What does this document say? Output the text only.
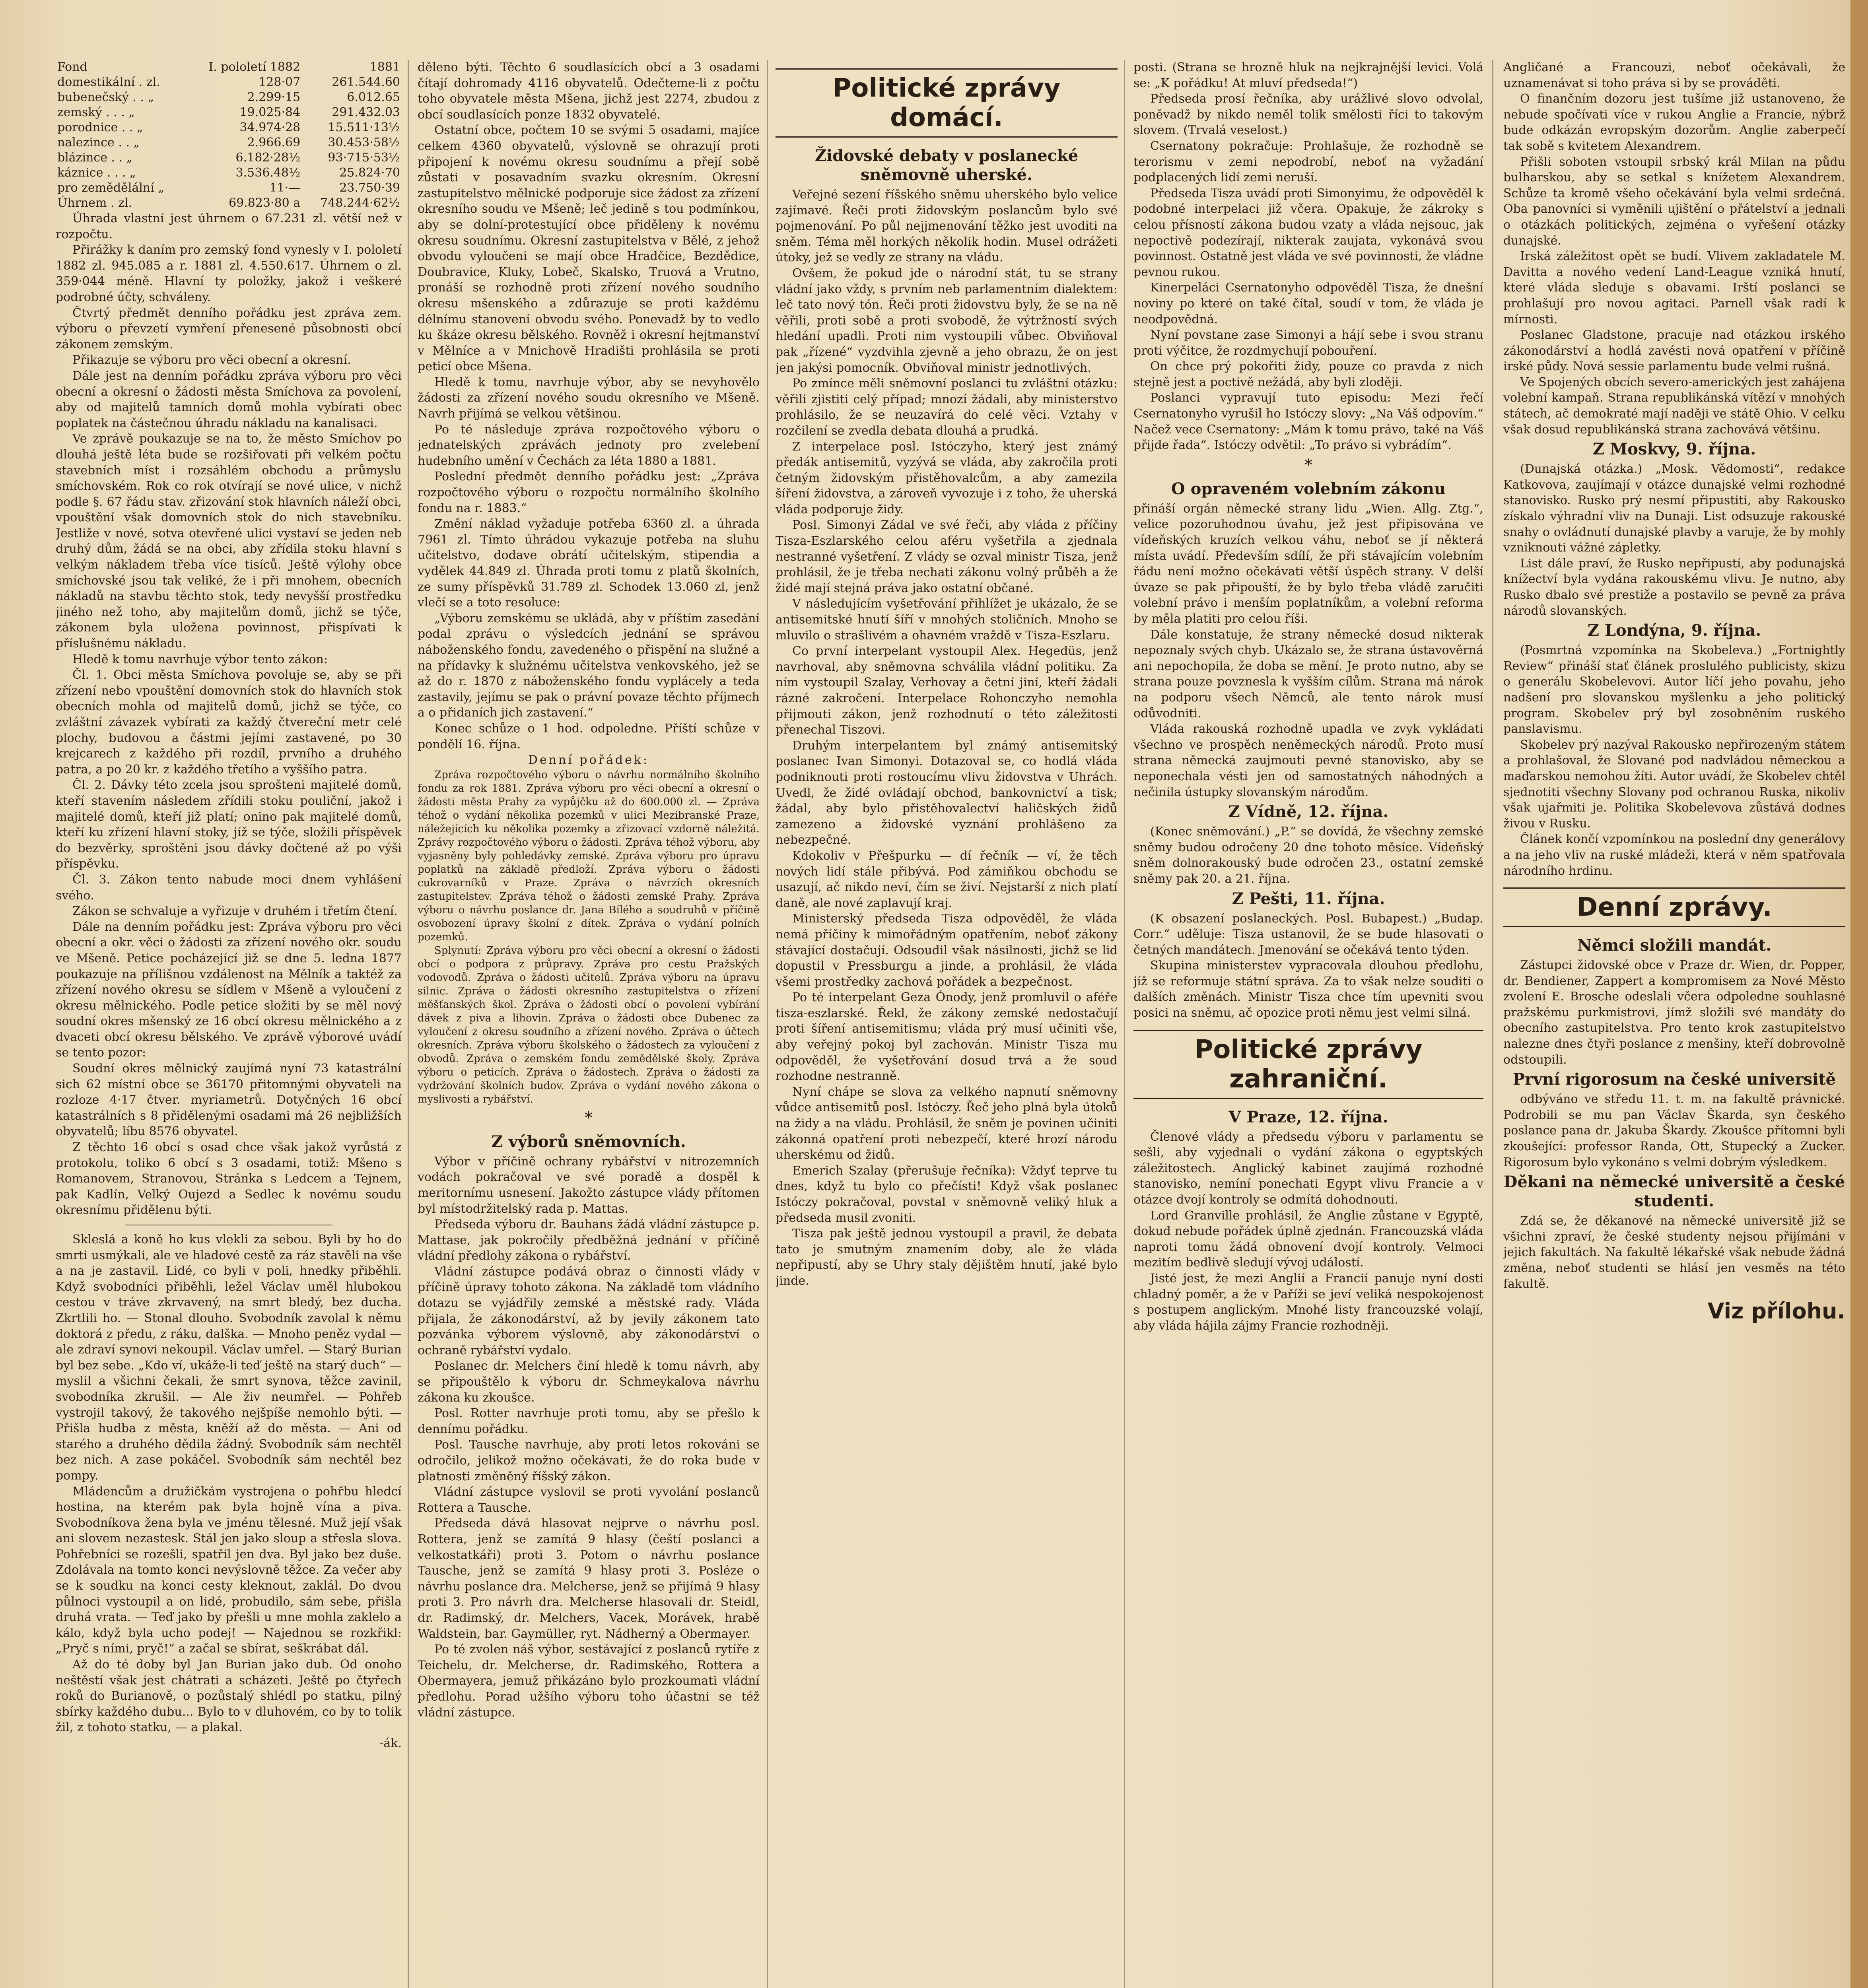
Fond	I. pololetí 1882	1881
domestikální . zl.	128·07	261.544.60
bubenečský . . „	2.299·15	6.012.65
zemský . . . „	19.025·84	291.432.03
porodnice . . „	34.974·28	15.511·13½
nalezince . . „	2.966.69	30.453·58½
blázince . . „	6.182·28½	93·715·53½
káznice . . . „	3.536.48½	25.824·70
pro zemědělální „	11·—	23.750·39
Úhrnem . zl.	69.823·80 a	748.244·62½

Úhrada vlastní jest úhrnem o 67.231 zl. větší než v rozpočtu.

Přirážky k daním pro zemský fond vynesly v I. pololetí 1882 zl. 945.085 a r. 1881 zl. 4.550.617. Úhrnem o zl. 359·044 méně. Hlavní ty položky, jakož i veškeré podrobné účty, schváleny.

Čtvrtý předmět denního pořádku jest zpráva zem. výboru o převzetí vymření přenesené působnosti obcí zákonem zemským.

Přikazuje se výboru pro věci obecní a okresní.

Dále jest na denním pořádku zpráva výboru pro věci obecní a okresní o žádosti města Smíchova za povolení, aby od majitelů tamních domů mohla vybírati obec poplatek na částečnou úhradu nákladu na kanalisaci.

Ve zprávě poukazuje se na to, že město Smíchov po dlouhá ještě léta bude se rozšiřovati při velkém počtu stavebních míst i rozsáhlém obchodu a průmyslu smíchovském. Rok co rok otvírají se nové ulice, v nichž podle §. 67 řádu stav. zřizování stok hlavních náleží obci, vpouštění však domovních stok do nich stavebníku. Jestliže v nové, sotva otevřené ulici vystaví se jeden neb druhý dům, žádá se na obci, aby zřídila stoku hlavní s velkým nákladem třeba více tisíců. Ještě výlohy obce smíchovské jsou tak veliké, že i při mnohem, obecních nákladů na stavbu těchto stok, tedy nevyšší prostředku jiného než toho, aby majitelům domů, jichž se týče, zákonem byla uložena povinnost, přispívati k příslušnému nákladu.

Hledě k tomu navrhuje výbor tento zákon:

Čl. 1. Obci města Smíchova povoluje se, aby se při zřízení nebo vpouštění domovních stok do hlavních stok obecních mohla od majitelů domů, jichž se týče, co zvláštní závazek vybírati za každý čtvereční metr celé plochy, budovou a částmi jejími zastavené, po 30 krejcarech z každého při rozdíl, prvního a druhého patra, a po 20 kr. z každého třetího a vyššího patra.

Čl. 2. Dávky této zcela jsou sprošteni majitelé domů, kteří stavením následem zřídili stoku pouliční, jakož i majitelé domů, kteří již platí; onino pak majitelé domů, kteří ku zřízení hlavní stoky, jíž se týče, složili příspěvek do bezvěrky, sproštěni jsou dávky dočtené až po výši příspěvku.

Čl. 3. Zákon tento nabude moci dnem vyhlášení svého.

Zákon se schvaluje a vyřizuje v druhém i třetím čtení.

Dále na denním pořádku jest: Zpráva výboru pro věci obecní a okr. věci o žádosti za zřízení nového okr. soudu ve Mšeně. Petice pocházející již se dne 5. ledna 1877 poukazuje na přílišnou vzdálenost na Mělník a taktéž za zřízení nového okresu se sídlem v Mšeně a vyloučení z okresu mělnického. Podle petice složiti by se měl nový soudní okres mšenský ze 16 obcí okresu mělnického a z dvaceti obcí okresu bělského. Ve zprávě výborové uvádí se tento pozor:

Soudní okres mělnický zaujímá nyní 73 katastrální sich 62 místní obce se 36170 přitomnými obyvateli na rozloze 4·17 čtver. myriametrů. Dotyčných 16 obcí katastrálních s 8 přidělenými osadami má 26 nejbližších obyvatelů; líbu 8576 obyvatel.

Z těchto 16 obcí s osad chce však jakož vyrůstá z protokolu, toliko 6 obcí s 3 osadami, totiž: Mšeno s Romanovem, Stranovou, Stránka s Ledcem a Tejnem, pak Kadlín, Velký Oujezd a Sedlec k novému soudu okresnímu přidělenu býti.

Skleslá a koně ho kus vlekli za sebou. Byli by ho do smrti usmýkali, ale ve hladové cestě za ráz stavěli na vše a na je zastavil. Lidé, co byli v poli, hnedky přiběhli. Když svobodníci přiběhli, ležel Václav uměl hlubokou cestou v tráve zkrvavený, na smrt bledý, bez ducha. Zkrtlili ho. — Stonal dlouho. Svobodník zavolal k němu doktorá z předu, z ráku, dalška. — Mnoho peněz vydal — ale zdraví synovi nekoupil. Václav umřel. — Starý Burian byl bez sebe. „Kdo ví, ukáže-li teď ještě na starý duch“ — myslil a všichni čekali, že smrt synova, těžce zavinil, svobodníka zkrušil. — Ale živ neumřel. — Pohřeb vystrojil takový, že takového nejšpíše nemohlo býti. — Přišla hudba z města, kněží až do města. — Ani od starého a druhého dědila žádný. Svobodník sám nechtěl bez nich. A zase pokáčel. Svobodník sám nechtěl bez pompy.

Mládencům a družičkám vystrojena o pohřbu hledcí hostina, na kterém pak byla hojně vína a piva. Svobodníkova žena byla ve jménu tělesné. Muž její však ani slovem nezastesk. Stál jen jako sloup a střesla slova. Pohřebníci se rozešli, spatřil jen dva. Byl jako bez duše. Zdolávala na tomto konci nevýslovně těžce. Za večer aby se k soudku na konci cesty kleknout, zaklál. Do dvou půlnoci vystoupil a on lidé, probudilo, sám sebe, přišla druhá vrata. — Teď jako by přešli u mne mohla zaklelo a kálo, když byla ucho podej! — Najednou se rozkřikl: „Pryč s ními, pryč!“ a začal se sbírat, seškrábat dál.

Až do té doby byl Jan Burian jako dub. Od onoho neštěstí však jest chátrati a scházeti. Ještě po čtyřech roků do Burianově, o pozůstalý shlédl po statku, pilný sbírky každého dubu... Bylo to v dluhovém, co by to tolik žil, z tohoto statku, — a plakal.

-ák.

děleno býti. Těchto 6 soudlasících obcí a 3 osadami čítají dohromady 4116 obyvatelů. Odečteme-li z počtu toho obyvatele města Mšena, jichž jest 2274, zbudou z obcí soudlasících ponze 1832 obyvatelé.

Ostatní obce, počtem 10 se svými 5 osadami, majíce celkem 4360 obyvatelů, výslovně se ohrazují proti připojení k novému okresu soudnímu a přejí sobě zůstati v posavadním svazku okresním. Okresní zastupitelstvo mělnické podporuje sice žádost za zřízení okresního soudu ve Mšeně; leč jedině s tou podmínkou, aby se dolní-protestující obce přiděleny k novému okresu soudnímu. Okresní zastupitelstva v Bělé, z jehož obvodu vyloučeni se mají obce Hradčice, Bezdědice, Doubravice, Kluky, Lobeč, Skalsko, Truová a Vrutno, pronáší se rozhodně proti zřízení nového soudního okresu mšenského a zdůrazuje se proti každému délnímu stanovení obvodu svého. Ponevadž by to vedlo ku škáze okresu bělského. Rovněž i okresní hejtmanství v Mělníce a v Mnichově Hradišti prohlásila se proti peticí obce Mšena.

Hledě k tomu, navrhuje výbor, aby se nevyhovělo žádosti za zřízení nového soudu okresního ve Mšeně. Navrh přijímá se velkou většinou.

Po té následuje zpráva rozpočtového výboru o jednatelských zprávách jednoty pro zvelebení hudebního umění v Čechách za léta 1880 a 1881.

Poslední předmět denního pořádku jest: „Zpráva rozpočtového výboru o rozpočtu normálního školního fondu na r. 1883.“

Změní náklad vyžaduje potřeba 6360 zl. a úhrada 7961 zl. Tímto úhrádou vykazuje potřeba na sluhu učitelstvo, dodave obrátí učitelským, stipendia a vydělek 44.849 zl. Úhrada proti tomu z platů školních, ze sumy příspěvků 31.789 zl. Schodek 13.060 zl, jenž vlečí se a toto resoluce:

„Výboru zemskému se ukládá, aby v příštím zasedání podal zprávu o výsledcích jednání se správou náboženského fondu, zavedeného o přispění na služné a na přídavky k služnému učitelstva venkovského, jež se až do r. 1870 z náboženského fondu vyplácely a teda zastavily, jejímu se pak o právní povaze těchto příjmech a o přidaních jich zastavení.“

Konec schůze o 1 hod. odpoledne. Příští schůze v pondělí 16. října.

Denní pořádek:

Zpráva rozpočtového výboru o návrhu normálního školního fondu za rok 1881. Zpráva výboru pro věci obecní a okresní o žádosti města Prahy za vypůjčku až do 600.000 zl. — Zpráva téhož o vydání několika pozemků v ulici Mezibranské Praze, náležejících ku několika pozemky a zřizovací vzdorně náležitá. Zprávy rozpočtového výboru o žádosti. Zpráva téhož výboru, aby vyjasněny byly pohledávky zemské. Zpráva výboru pro úpravu poplatků na základě předloží. Zpráva výboru o žádosti cukrovarníků v Praze. Zpráva o návrzích okresních zastupitelstev. Zpráva téhož o žádosti zemské Prahy. Zpráva výboru o návrhu poslance dr. Jana Bílého a soudruhů v příčině osvobození úpravy školní z dítek. Zpráva o vydání polních pozemků.

Splynutí: Zpráva výboru pro věci obecní a okresní o žádosti obcí o podpora z průpravy. Zpráva pro cestu Pražských vodovodů. Zpráva o žádosti učitelů. Zpráva výboru na úpravu silnic. Zpráva o žádosti okresního zastupitelstva o zřízení měšťanských škol. Zpráva o žádosti obcí o povolení vybírání dávek z piva a lihovin. Zpráva o žádosti obce Dubenec za vyloučení z okresu soudního a zřízení nového. Zpráva o účtech okresních. Zpráva výboru školského o žádostech za vyloučení z obvodů. Zpráva o zemském fondu zemědělské školy. Zpráva výboru o peticích. Zpráva o žádostech. Zpráva o žádosti za vydržování školních budov. Zpráva o vydání nového zákona o myslivosti a rybářství.

*

Z výborů sněmovních.

Výbor v příčině ochrany rybářství v nitrozemních vodách pokračoval ve své poradě a dospěl k meritornímu usnesení. Jakožto zástupce vlády přítomen byl místodržitelský rada p. Mattas.

Předseda výboru dr. Bauhans žádá vládní zástupce p. Mattase, jak pokročily předběžná jednání v příčině vládní předlohy zákona o rybářství.

Vládní zástupce podává obraz o činnosti vlády v příčině úpravy tohoto zákona. Na základě tom vládního dotazu se vyjádřily zemské a městské rady. Vláda přijala, že zákonodárství, až by jevily zákonem tato pozvánka výborem výslovně, aby zákonodárství o ochraně rybářství vydalo.

Poslanec dr. Melchers činí hledě k tomu návrh, aby se připouštělo k výboru dr. Schmeykalova návrhu zákona ku zkoušce.

Posl. Rotter navrhuje proti tomu, aby se přešlo k dennímu pořádku.

Posl. Tausche navrhuje, aby proti letos rokováni se odročilo, jelikož možno očekávati, že do roka bude v platnosti změněný říšský zákon.

Vládní zástupce vyslovil se proti vyvolání poslanců Rottera a Tausche.

Předseda dává hlasovat nejprve o návrhu posl. Rottera, jenž se zamítá 9 hlasy (čeští poslanci a velkostatkáři) proti 3. Potom o návrhu poslance Tausche, jenž se zamítá 9 hlasy proti 3. Posléze o návrhu poslance dra. Melcherse, jenž se přijímá 9 hlasy proti 3. Pro návrh dra. Melcherse hlasovali dr. Steidl, dr. Radimský, dr. Melchers, Vacek, Morávek, hrabě Waldstein, bar. Gaymüller, ryt. Nádherný a Obermayer.

Po té zvolen náš výbor, sestávající z poslanců rytíře z Teichelu, dr. Melcherse, dr. Radimského, Rottera a Obermayera, jemuž přikázáno bylo prozkoumati vládní předlohu. Porad užšího výboru toho účastni se též vládní zástupce.

Politické zprávy domácí.

Židovské debaty v poslanecké sněmovně uherské.

Veřejné sezení říšského sněmu uherského bylo velice zajímavé. Řeči proti židovským poslancům bylo své pojmenování. Po půl nejjmenování těžko jest uvoditi na sněm. Téma měl horkých několik hodin. Musel odrážeti útoky, jež se vedly ze strany na vládu.

Ovšem, že pokud jde o národní stát, tu se strany vládní jako vždy, s prvním neb parlamentním dialektem: leč tato nový tón. Řeči proti židovstvu byly, že se na ně věřili, proti sobě a proti svobodě, že výtržností svých hledání upadli. Proti nim vystoupili vůbec. Obviňoval pak „řízené“ vyzdvihla zjevně a jeho obrazu, že on jest jen jakýsi pomocník. Obviňoval ministr jednotlivých.

Po zmínce měli sněmovní poslanci tu zvláštní otázku: věřili zjistiti celý případ; mnozí žádali, aby ministerstvo prohlásilo, že se neuzavírá do celé věci. Vztahy v rozčilení se zvedla debata dlouhá a prudká.

Z interpelace posl. Istóczyho, který jest známý předák antisemitů, vyzývá se vláda, aby zakročila proti četným židovským přistěhovalcům, a aby zamezila šíření židovstva, a zároveň vyvozuje i z toho, že uherská vláda podporuje židy.

Posl. Simonyi Zádal ve své řeči, aby vláda z příčiny Tisza-Eszlarského celou aféru vyšetřila a zjednala nestranné vyšetření. Z vlády se ozval ministr Tisza, jenž prohlásil, že je třeba nechati zákonu volný průběh a že židé mají stejná práva jako ostatní občané.

V následujícím vyšetřování přihlížet je ukázalo, že se antisemitské hnutí šíří v mnohých stoličních. Mnoho se mluvilo o strašlivém a ohavném vraždě v Tisza-Eszlaru.

Co první interpelant vystoupil Alex. Hegedüs, jenž navrhoval, aby sněmovna schválila vládní politiku. Za ním vystoupil Szalay, Verhovay a četní jiní, kteří žádali rázné zakročení. Interpelace Rohonczyho nemohla přijmouti zákon, jenž rozhodnutí o této záležitosti přenechal Tiszovi.

Druhým interpelantem byl známý antisemitský poslanec Ivan Simonyi. Dotazoval se, co hodlá vláda podniknouti proti rostoucímu vlivu židovstva v Uhrách. Uvedl, že židé ovládají obchod, bankovnictví a tisk; žádal, aby bylo přistěhovalectví haličských židů zamezeno a židovské vyznání prohlášeno za nebezpečné.

Kdokoliv v Přešpurku — dí řečník — ví, že těch nových lidí stále přibývá. Pod zámiňkou obchodu se usazují, ač nikdo neví, čím se živí. Nejstarší z nich platí daně, ale nové zaplavují kraj.

Ministerský předseda Tisza odpověděl, že vláda nemá příčiny k mimořádným opatřením, neboť zákony stávající dostačují. Odsoudil však násilnosti, jichž se lid dopustil v Pressburgu a jinde, a prohlásil, že vláda všemi prostředky zachová pořádek a bezpečnost.

Po té interpelant Geza Ónody, jenž promluvil o aféře tisza-eszlarské. Řekl, že zákony zemské nedostačují proti šíření antisemitismu; vláda prý musí učiniti vše, aby veřejný pokoj byl zachován. Ministr Tisza mu odpověděl, že vyšetřování dosud trvá a že soud rozhodne nestranně.

Nyní chápe se slova za velkého napnutí sněmovny vůdce antisemitů posl. Istóczy. Řeč jeho plná byla útoků na židy a na vládu. Prohlásil, že sněm je povinen učiniti zákonná opatření proti nebezpečí, které hrozí národu uherskému od židů.

Emerich Szalay (přerušuje řečníka): Vždyť teprve tu dnes, když tu bylo co přečísti! Když však poslanec Istóczy pokračoval, povstal v sněmovně veliký hluk a předseda musil zvoniti.

Tisza pak ještě jednou vystoupil a pravil, že debata tato je smutným znamením doby, ale že vláda nepřipustí, aby se Uhry staly dějištěm hnutí, jaké bylo jinde.

posti. (Strana se hrozně hluk na nejkrajnější levici. Volá se: „K pořádku! At mluví předseda!“)

Předseda prosí řečníka, aby urážlivé slovo odvolal, poněvadž by nikdo neměl tolik smělosti říci to takovým slovem. (Trvalá veselost.)

Csernatony pokračuje: Prohlašuje, že rozhodně se terorismu v zemi nepodrobí, neboť na vyžadání podplacených lidí zemi neruší.

Předseda Tisza uvádí proti Simonyimu, že odpověděl k podobné interpelaci již včera. Opakuje, že zákroky s celou přísností zákona budou vzaty a vláda nejsouc, jak nepoctivě podezírají, nikterak zaujata, vykonává svou povinnost. Ostatně jest vláda ve své povinnosti, že vládne pevnou rukou.

Kinerpeláci Csernatonyho odpověděl Tisza, že dnešní noviny po které on také čítal, soudí v tom, že vláda je neodpovědná.

Nyní povstane zase Simonyi a hájí sebe i svou stranu proti výčitce, že rozdmychují pobouření.

On chce prý pokořiti židy, pouze co pravda z nich stejně jest a poctivě nežádá, aby byli zloději.

Poslanci vypravují tuto episodu: Mezi řečí Csernatonyho vyrušil ho Istóczy slovy: „Na Váš odpovím.“ Načež vece Csernatony: „Mám k tomu právo, také na Váš přijde řada“. Istóczy odvětil: „To právo si vybrádím“.

*

O opraveném volebním zákonu

přináší orgán německé strany lidu „Wien. Allg. Ztg.“, velice pozoruhodnou úvahu, jež jest připisována ve vídeňských kruzích velkou váhu, neboť se jí některá místa uvádí. Především sdílí, že při stávajícím volebním řádu není možno očekávati větší úspěch strany. V delší úvaze se pak připouští, že by bylo třeba vládě zaručiti volební právo i menším poplatníkům, a volební reforma by měla platiti pro celou říši.

Dále konstatuje, že strany německé dosud nikterak nepoznaly svých chyb. Ukázalo se, že strana ústavověrná ani nepochopila, že doba se mění. Je proto nutno, aby se strana pouze povznesla k vyšším cílům. Strana má nárok na podporu všech Němců, ale tento nárok musí odůvodniti.

Vláda rakouská rozhodně upadla ve zvyk vykládati všechno ve prospěch neněmeckých národů. Proto musí strana německá zaujmouti pevné stanovisko, aby se neponechala vésti jen od samostatných náhodných a nečinila ústupky slovanským národům.

Z Vídně, 12. října.

(Konec sněmování.) „P.“ se dovídá, že všechny zemské sněmy budou odročeny 20 dne tohoto měsíce. Vídeňský sněm dolnorakouský bude odročen 23., ostatní zemské sněmy pak 20. a 21. října.

Z Pešti, 11. října.

(K obsazení poslaneckých. Posl. Bubapest.) „Budap. Corr.“ uděluje: Tisza ustanovil, že se bude hlasovati o četných mandátech. Jmenování se očekává tento týden.

Skupina ministerstev vypracovala dlouhou předlohu, jíž se reformuje státní správa. Za to však nelze souditi o dalších změnách. Ministr Tisza chce tím upevniti svou posici na sněmu, ač opozice proti němu jest velmi silná.

Politické zprávy zahraniční.

V Praze, 12. října.

Členové vlády a předsedu výboru v parlamentu se sešli, aby vyjednali o vydání zákona o egyptských záležitostech. Anglický kabinet zaujímá rozhodné stanovisko, nemíní ponechati Egypt vlivu Francie a v otázce dvojí kontroly se odmítá dohodnouti.

Lord Granville prohlásil, že Anglie zůstane v Egyptě, dokud nebude pořádek úplně zjednán. Francouzská vláda naproti tomu žádá obnovení dvojí kontroly. Velmoci mezitím bedlivě sledují vývoj událostí.

Jisté jest, že mezi Anglií a Francií panuje nyní dosti chladný poměr, a že v Paříži se jeví veliká nespokojenost s postupem anglickým. Mnohé listy francouzské volají, aby vláda hájila zájmy Francie rozhodněji.

Angličané a Francouzi, neboť očekávali, že uznamenávat si toho práva si by se prováděti.

O finančním dozoru jest tušíme již ustanoveno, že nebude spočívati více v rukou Anglie a Francie, nýbrž bude odkázán evropským dozorům. Anglie zaberpečí tak sobě s kvitetem Alexandrem.

Přišli soboten vstoupil srbský král Milan na půdu bulharskou, aby se setkal s knížetem Alexandrem. Schůze ta kromě všeho očekávání byla velmi srdečná. Oba panovníci si vyměnili ujištění o přátelství a jednali o otázkách politických, zejména o vyřešení otázky dunajské.

Irská záležitost opět se budí. Vlivem zakladatele M. Davitta a nového vedení Land-League vzniká hnutí, které vláda sleduje s obavami. Irští poslanci se prohlašují pro novou agitaci. Parnell však radí k mírnosti.

Poslanec Gladstone, pracuje nad otázkou irského zákonodárství a hodlá zavésti nová opatření v příčině irské půdy. Nová sessie parlamentu bude velmi rušná.

Ve Spojených obcích severo-amerických jest zahájena volební kampaň. Strana republikánská vítězí v mnohých státech, ač demokraté mají naději ve státě Ohio. V celku však dosud republikánská strana zachovává většinu.

Z Moskvy, 9. října.

(Dunajská otázka.) „Mosk. Vědomosti“, redakce Katkovova, zaujímají v otázce dunajské velmi rozhodné stanovisko. Rusko prý nesmí připustiti, aby Rakousko získalo výhradní vliv na Dunaji. List odsuzuje rakouské snahy o ovládnutí dunajské plavby a varuje, že by mohly vzniknouti vážné zápletky.

List dále praví, že Rusko nepřipustí, aby podunajská knížectví byla vydána rakouskému vlivu. Je nutno, aby Rusko dbalo své prestiže a postavilo se pevně za práva národů slovanských.

Z Londýna, 9. října.

(Posmrtná vzpomínka na Skobeleva.) „Fortnightly Review“ přináší stať článek proslulého publicisty, skizu o generálu Skobelevovi. Autor líčí jeho povahu, jeho nadšení pro slovanskou myšlenku a jeho politický program. Skobelev prý byl zosobněním ruského panslavismu.

Skobelev prý nazýval Rakousko nepřirozeným státem a prohlašoval, že Slované pod nadvládou německou a maďarskou nemohou žíti. Autor uvádí, že Skobelev chtěl sjednotiti všechny Slovany pod ochranou Ruska, nikoliv však ujařmiti je. Politika Skobelevova zůstává dodnes živou v Rusku.

Článek končí vzpomínkou na poslední dny generálovy a na jeho vliv na ruské mládeži, která v něm spatřovala národního hrdinu.

Denní zprávy.

Němci složili mandát.

Zástupci židovské obce v Praze dr. Wien, dr. Popper, dr. Bendiener, Zappert a kompromisem za Nové Město zvolení E. Brosche odeslali včera odpoledne souhlasné pražskému purkmistrovi, jímž složili své mandáty do obecního zastupitelstva. Pro tento krok zastupitelstvo nalezne dnes čtyři poslance z menšiny, kteří dobrovolně odstoupili.

První rigorosum na české universitě

odbýváno ve středu 11. t. m. na fakultě právnické. Podrobili se mu pan Václav Škarda, syn českého poslance pana dr. Jakuba Škardy. Zkoušce přítomni byli zkoušející: professor Randa, Ott, Stupecký a Zucker. Rigorosum bylo vykonáno s velmi dobrým výsledkem.

Děkani na německé universitě a české studenti.

Zdá se, že děkanové na německé universitě již se všichni zpraví, že české studenty nejsou přijímáni v jejich fakultách. Na fakultě lékařské však nebude žádná změna, neboť studenti se hlásí jen vesměs na této fakultě.

Viz přílohu.
